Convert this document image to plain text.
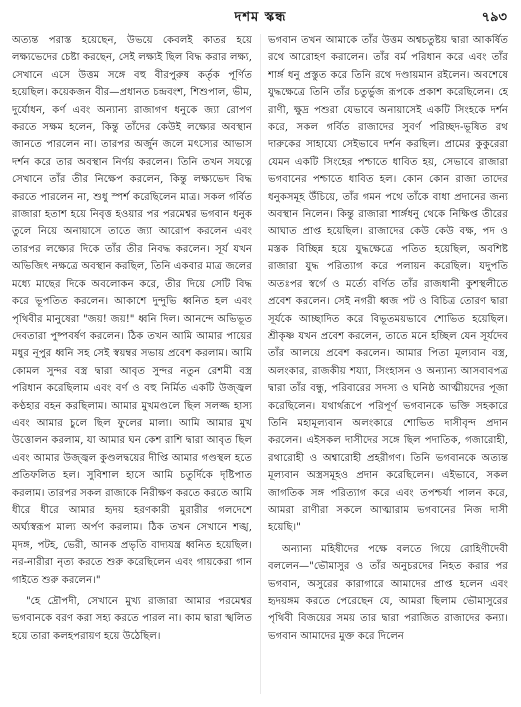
দশম স্কন্ধ	৭৯৩

অত্যন্ত পরাস্ত হয়েছেন, উভয়ে কেবলই কাতর হয়ে লক্ষ্যভেদের চেষ্টা করছেন, সেই লক্ষ্যই ছিল বিদ্ধ করার লক্ষ্য, সেখানে এসে উত্তম সঙ্গে বহু বীরপুরুষ কর্তৃক পূর্ণিত হয়েছিল। কয়েকজন বীর—প্রধানত চন্দ্রবংশ, শিশুপাল, ভীম, দুর্যোধন, কর্ণ এবং অন্যান্য রাজাগণ ধনুকে জ্যা রোপণ করতে সক্ষম হলেন, কিন্তু তাঁদের কেউই লক্ষ্যের অবস্থান জানতে পারলেন না। তারপর অর্জুন জলে মৎস্যের আভাস দর্শন করে তার অবস্থান নির্ণয় করলেন। তিনি তখন সযত্নে সেখানে তাঁর তীর নিক্ষেপ করলেন, কিন্তু লক্ষ্যভেদ বিদ্ধ করতে পারলেন না, শুধু স্পর্শ করেছিলেন মাত্র। সকল গর্বিত রাজারা হতাশ হয়ে নিবৃত্ত হওয়ার পর পরমেশ্বর ভগবান ধনুক তুলে নিয়ে অনায়াসে তাতে জ্যা আরোপ করলেন এবং তারপর লক্ষ্যের দিকে তাঁর তীর নিবদ্ধ করলেন। সূর্য যখন অভিজিৎ নক্ষত্রে অবস্থান করছিল, তিনি একবার মাত্র জলের মধ্যে মাছের দিকে অবলোকন করে, তীর দিয়ে সেটি বিদ্ধ করে ভূপতিত করলেন। আকাশে দুন্দুভি ধ্বনিত হল এবং পৃথিবীর মানুষেরা "জয়! জয়!" ধ্বনি দিল। আনন্দে অভিভূত দেবতারা পুষ্পবর্ষণ করলেন। ঠিক তখন আমি আমার পায়ের মধুর নূপুর ধ্বনি সহ সেই স্বয়ম্বর সভায় প্রবেশ করলাম। আমি কোমল সুন্দর বস্ত্র দ্বারা আবৃত সুন্দর নতুন রেশমী বস্ত্র পরিধান করেছিলাম এবং বর্ণ ও বহু নির্মিত একটি উজ্জ্বল কণ্ঠহার বহন করছিলাম। আমার মুখমণ্ডলে ছিল সলজ্জ হাস্য এবং আমার চুলে ছিল ফুলের মালা। আমি আমার মুখ উত্তোলন করলাম, যা আমার ঘন কেশ রাশি দ্বারা আবৃত ছিল এবং আমার উজ্জ্বল কুণ্ডলদ্বয়ের দীপ্তি আমার গণ্ডস্থল হতে প্রতিফলিত হল। সুবিশাল হাসে আমি চতুর্দিকে দৃষ্টিপাত করলাম। তারপর সকল রাজাকে নিরীক্ষণ করতে করতে আমি ধীরে ধীরে আমার হৃদয় হরণকারী মুরারীর গলদেশে অর্ঘ্যস্বরূপ মাল্য অর্পণ করলাম। ঠিক তখন সেখানে শঙ্খ, মৃদঙ্গ, পটহ, ভেরী, আনক প্রভৃতি বাদ্যযন্ত্র ধ্বনিত হয়েছিল। নর-নারীরা নৃত্য করতে শুরু করেছিলেন এবং গায়কেরা গান গাইতে শুরু করলেন।"

"হে দ্রৌপদী, সেখানে মুখ্য রাজারা আমার পরমেশ্বর ভগবানকে বরণ করা সহ্য করতে পারল না। কাম দ্বারা স্খলিত হয়ে তারা কলহপরায়ণ হয়ে উঠেছিল।

ভগবান তখন আমাকে তাঁর উত্তম অশ্বচতুষ্টয় দ্বারা আকর্ষিত রথে আরোহণ করালেন। তাঁর বর্ম পরিধান করে এবং তাঁর শার্ঙ্গ ধনু প্রস্তুত করে তিনি রথে দণ্ডায়মান রইলেন। অবশেষে যুদ্ধক্ষেত্রে তিনি তাঁর চতুর্ভুজ রূপকে প্রকাশ করেছিলেন। হে রাণী, ক্ষুদ্র পশুরা যেভাবে অনায়াসেই একটি সিংহকে দর্শন করে, সকল গর্বিত রাজাদের সুবর্ণ পরিচ্ছদ-ভূষিত রথ দারুকের সাহায্যে সেইভাবে দর্শন করছিল। প্রামের কুকুরেরা যেমন একটি সিংহের পশ্চাতে ধাবিত হয়, সেভাবে রাজারা ভগবানের পশ্চাতে ধাবিত হল। কোন কোন রাজা তাদের ধনুকসমূহ উঁচিয়ে, তাঁর গমন পথে তাঁকে বাধা প্রদানের জন্য অবস্থান নিলেন। কিন্তু রাজারা শার্ঙ্গধনু থেকে নিক্ষিপ্ত তীরের আঘাত প্রাপ্ত হয়েছিল। রাজাদের কেউ কেউ বক্ষ, পদ ও মস্তক বিচ্ছিন্ন হয়ে যুদ্ধক্ষেত্রে পতিত হয়েছিল, অবশিষ্ট রাজারা যুদ্ধ পরিত্যাগ করে পলায়ন করেছিল। যদুপতি অতঃপর স্বর্গে ও মর্ত্যে বর্ণিত তাঁর রাজধানী কুশস্থলীতে প্রবেশ করলেন। সেই নগরী ধ্বজ পট ও বিচিত্র তোরণ দ্বারা সূর্যকে আচ্ছাদিত করে বিভূতময়ভাবে শোভিত হয়েছিল। শ্রীকৃষ্ণ যখন প্রবেশ করলেন, তাতে মনে হচ্ছিল যেন সূর্যদেব তাঁর আলয়ে প্রবেশ করলেন। আমার পিতা মূল্যবান বস্ত্র, অলংকার, রাজকীয় শয্যা, সিংহাসন ও অন্যান্য আসবাবপত্র দ্বারা তাঁর বন্ধু, পরিবারের সদস্য ও ঘনিষ্ঠ আত্মীয়দের পূজা করেছিলেন। যথার্থরূপে পরিপূর্ণ ভগবানকে ভক্তি সহকারে তিনি মহামূল্যবান অলংকারে শোভিত দাসীবৃন্দ প্রদান করলেন। এইসকল দাসীদের সঙ্গে ছিল পদাতিক, গজারোহী, রথারোহী ও অশ্বারোহী প্রহরীগণ। তিনি ভগবানকে অত্যন্ত মূল্যবান অস্ত্রসমূহও প্রদান করেছিলেন। এইভাবে, সকল জাগতিক সঙ্গ পরিত্যাগ করে এবং তপশ্চর্যা পালন করে, আমরা রাণীরা সকলে আত্মারাম ভগবানের নিজ দাসী হয়েছি।"

অন্যান্য মহিষীদের পক্ষে বলতে গিয়ে রোহিণীদেবী বললেন—"ভৌমাসুর ও তাঁর অনুচরদের নিহত করার পর ভগবান, অসুরের কারাগারে আমাদের প্রাপ্ত হলেন এবং হৃদয়ঙ্গম করতে পেরেছেন যে, আমরা ছিলাম ভৌমাসুরের পৃথিবী বিজয়ের সময় তার দ্বারা পরাজিত রাজাদের কন্যা। ভগবান আমাদের মুক্ত করে দিলেন
